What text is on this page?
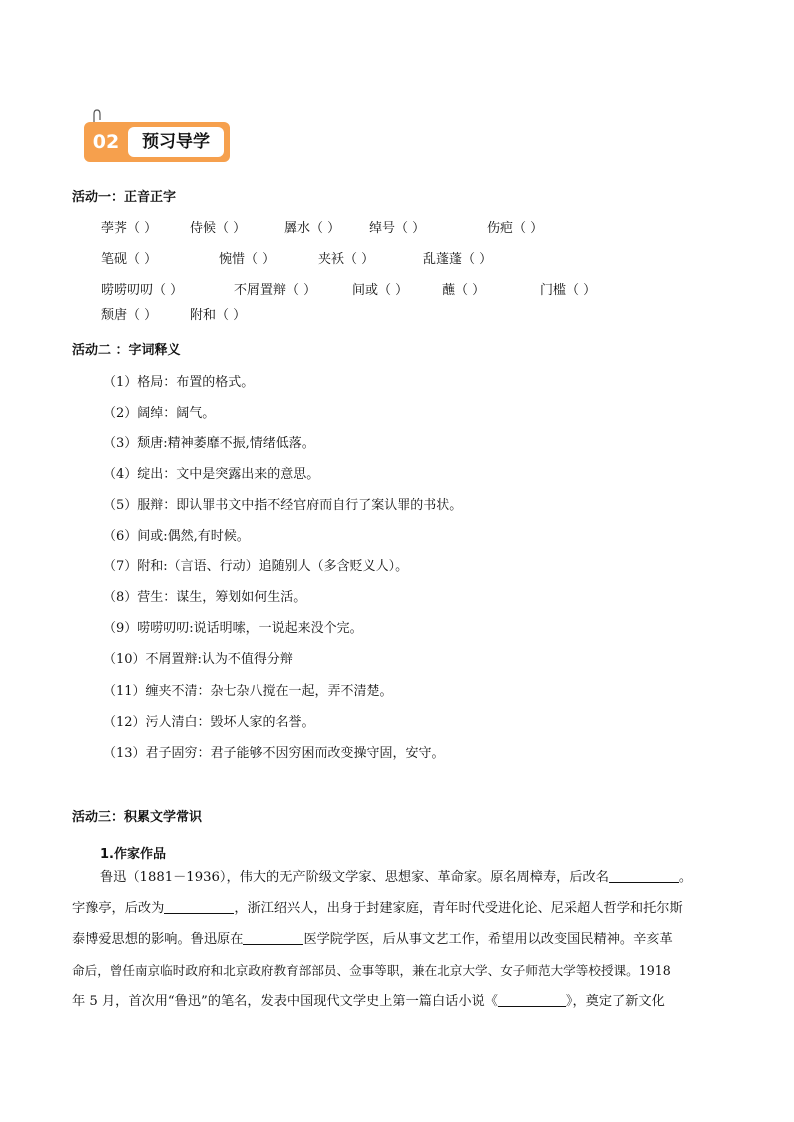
02	预习导学
活动一：正音正字
荸荠（ ）	侍候（ ）	羼水（ ） 绰号（ ）	伤疤（ ）
笔砚（ ）	惋惜（ ）	夹袄（ ）	乱蓬蓬（ ）
唠唠叨叨（ ）	不屑置辩（ ）	间或（ ）	蘸（ ）	门槛（ ）
颓唐（ ）	附和（ ）
活动二 ：字词释义
（1）格局：布置的格式。
（2）阔绰：阔气。
（3）颓唐:精神萎靡不振,情绪低落。
（4）绽出：文中是突露出来的意思。
（5）服辩：即认罪书文中指不经官府而自行了案认罪的书状。
（6）间或:偶然,有时候。
（7）附和:（言语、行动）追随别人（多含贬义人）。
（8）营生：谋生，筹划如何生活。
（9）唠唠叨叨:说话明嗦，一说起来没个完。
（10）不屑置辩:认为不值得分辩
（11）缠夹不清：杂七杂八搅在一起，弄不清楚。
（12）污人清白：毁坏人家的名誉。
（13）君子固穷：君子能够不因穷困而改变操守固，安守。
活动三：积累文学常识
1.作家作品
鲁迅（1881－1936），伟大的无产阶级文学家、思想家、革命家。原名周樟寿，后改名	。
字豫亭，后改为	，浙江绍兴人，出身于封建家庭，青年时代受进化论、尼采超人哲学和托尔斯
泰博爱思想的影响。鲁迅原在	医学院学医，后从事文艺工作，希望用以改变国民精神。辛亥革
命后，曾任南京临时政府和北京政府教育部部员、佥事等职，兼在北京大学、女子师范大学等校授课。1918
年 5 月，首次用“鲁迅”的笔名，发表中国现代文学史上第一篇白话小说《	》，奠定了新文化
